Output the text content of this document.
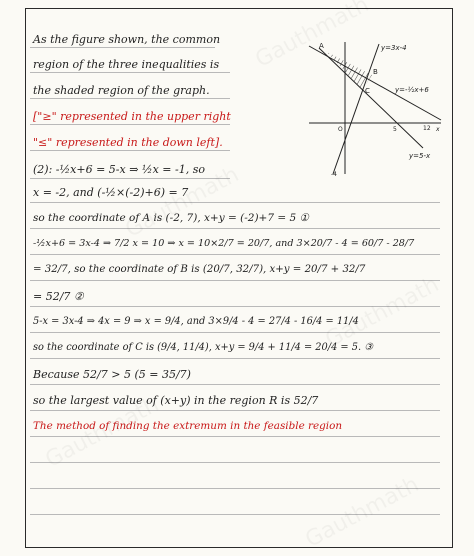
As the figure shown, the common
region of the three inequalities is
the shaded region of the graph.
["≥" represented in the upper right
"≤" represented in the down left].
(2): -½x+6 = 5-x ⇒ ½x = -1, so
x = -2, and (-½×(-2)+6) = 7
so the coordinate of A is (-2, 7), x+y = (-2)+7 = 5 ①
-½x+6 = 3x-4 ⇒ 7/2 x = 10 ⇒ x = 10×2/7 = 20/7, and 3×20/7 - 4 = 60/7 - 28/7
= 32/7, so the coordinate of B is (20/7, 32/7), x+y = 20/7 + 32/7
= 52/7 ②
5-x = 3x-4 ⇒ 4x = 9 ⇒ x = 9/4, and 3×9/4 - 4 = 27/4 - 16/4 = 11/4
so the coordinate of C is (9/4, 11/4), x+y = 9/4 + 11/4 = 20/4 = 5. ③
Because 52/7 > 5 (5 = 35/7)
so the largest value of (x+y) in the region R is 52/7
The method of finding the extremum in the feasible region
y=3x-4
y=-½x+6
y=5-x
A
B
C
O	5	12
-4
x
